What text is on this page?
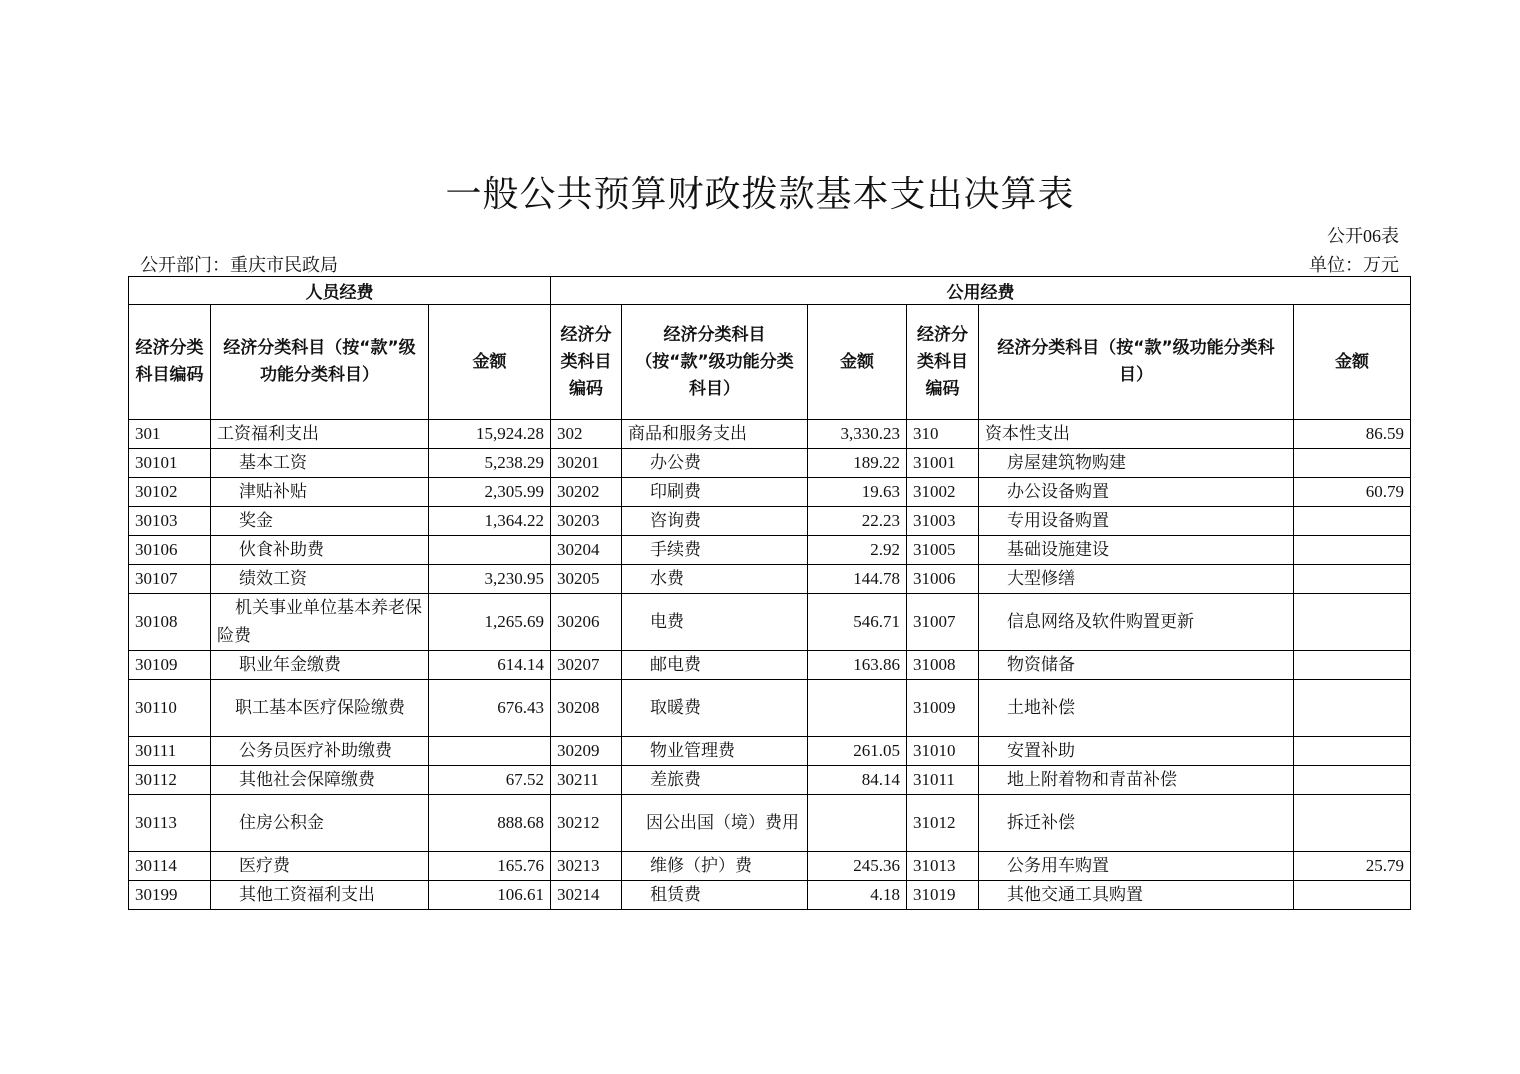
一般公共预算财政拨款基本支出决算表
公开06表
公开部门：重庆市民政局	单位：万元
人员经费			公用经费					
经济分类科目编码	经济分类科目（按“款”级功能分类科目）	金额	经济分类科目编码	经济分类科目（按“款”级功能分类科目）	金额	经济分类科目编码	经济分类科目（按“款”级功能分类科目）	金额
301	工资福利支出	15,924.28	302	商品和服务支出	3,330.23	310	资本性支出	86.59
30101	基本工资	5,238.29	30201	办公费	189.22	31001	房屋建筑物购建	
30102	津贴补贴	2,305.99	30202	印刷费	19.63	31002	办公设备购置	60.79
30103	奖金	1,364.22	30203	咨询费	22.23	31003	专用设备购置	
30106	伙食补助费		30204	手续费	2.92	31005	基础设施建设	
30107	绩效工资	3,230.95	30205	水费	144.78	31006	大型修缮	
30108	机关事业单位基本养老保险费	1,265.69	30206	电费	546.71	31007	信息网络及软件购置更新	
30109	职业年金缴费	614.14	30207	邮电费	163.86	31008	物资储备	
30110	职工基本医疗保险缴费	676.43	30208	取暖费		31009	土地补偿	
30111	公务员医疗补助缴费		30209	物业管理费	261.05	31010	安置补助	
30112	其他社会保障缴费	67.52	30211	差旅费	84.14	31011	地上附着物和青苗补偿	
30113	住房公积金	888.68	30212	因公出国（境）费用		31012	拆迁补偿	
30114	医疗费	165.76	30213	维修（护）费	245.36	31013	公务用车购置	25.79
30199	其他工资福利支出	106.61	30214	租赁费	4.18	31019	其他交通工具购置	
